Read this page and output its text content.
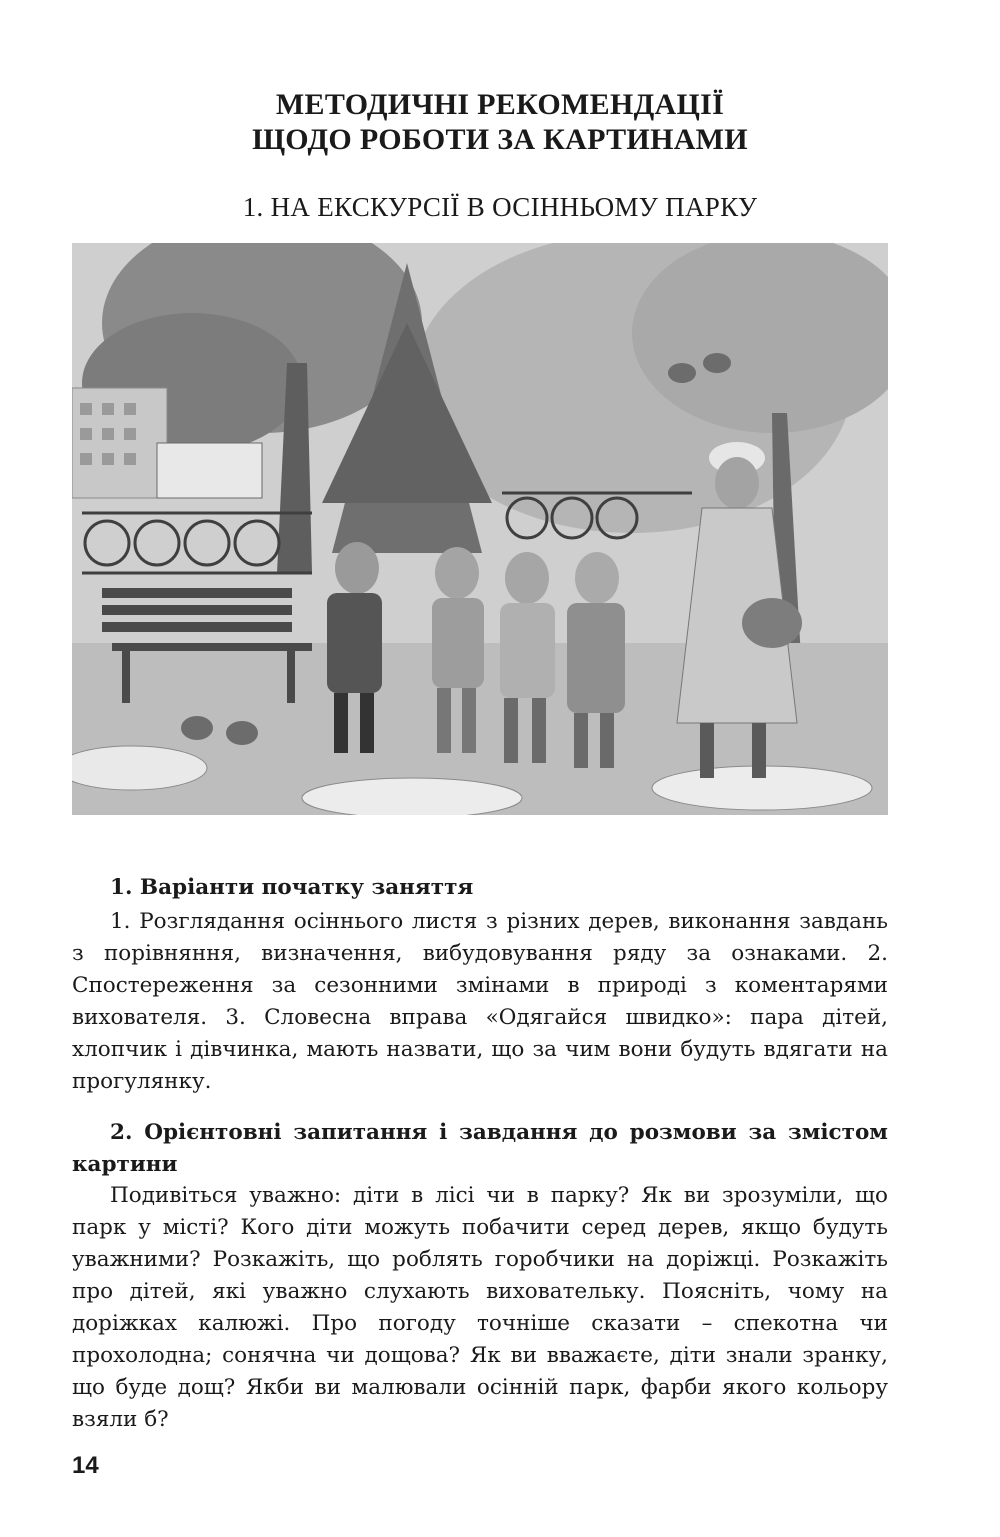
МЕТОДИЧНІ РЕКОМЕНДАЦІЇ
ЩОДО РОБОТИ ЗА КАРТИНАМИ
1. НА ЕКСКУРСІЇ В ОСІННЬОМУ ПАРКУ
1. Варіанти початку заняття
1. Розглядання осіннього листя з різних дерев, виконання завдань з порівняння, визначення, вибудовування ряду за ознаками. 2. Спостереження за сезонними змінами в природі з коментарями вихователя. 3. Словесна вправа «Одягайся швидко»: пара дітей, хлопчик і дівчинка, мають назвати, що за чим вони будуть вдягати на прогулянку.
2. Орієнтовні запитання і завдання до розмови за змістом картини
Подивіться уважно: діти в лісі чи в парку? Як ви зрозуміли, що парк у місті? Кого діти можуть побачити серед дерев, якщо будуть уважними? Розкажіть, що роблять горобчики на доріжці. Розкажіть про дітей, які уважно слухають виховательку. Поясніть, чому на доріжках калюжі. Про погоду точніше сказати – спекотна чи прохолодна; сонячна чи дощова? Як ви вважаєте, діти знали зранку, що буде дощ? Якби ви малювали осінній парк, фарби якого кольору взяли б?
14
